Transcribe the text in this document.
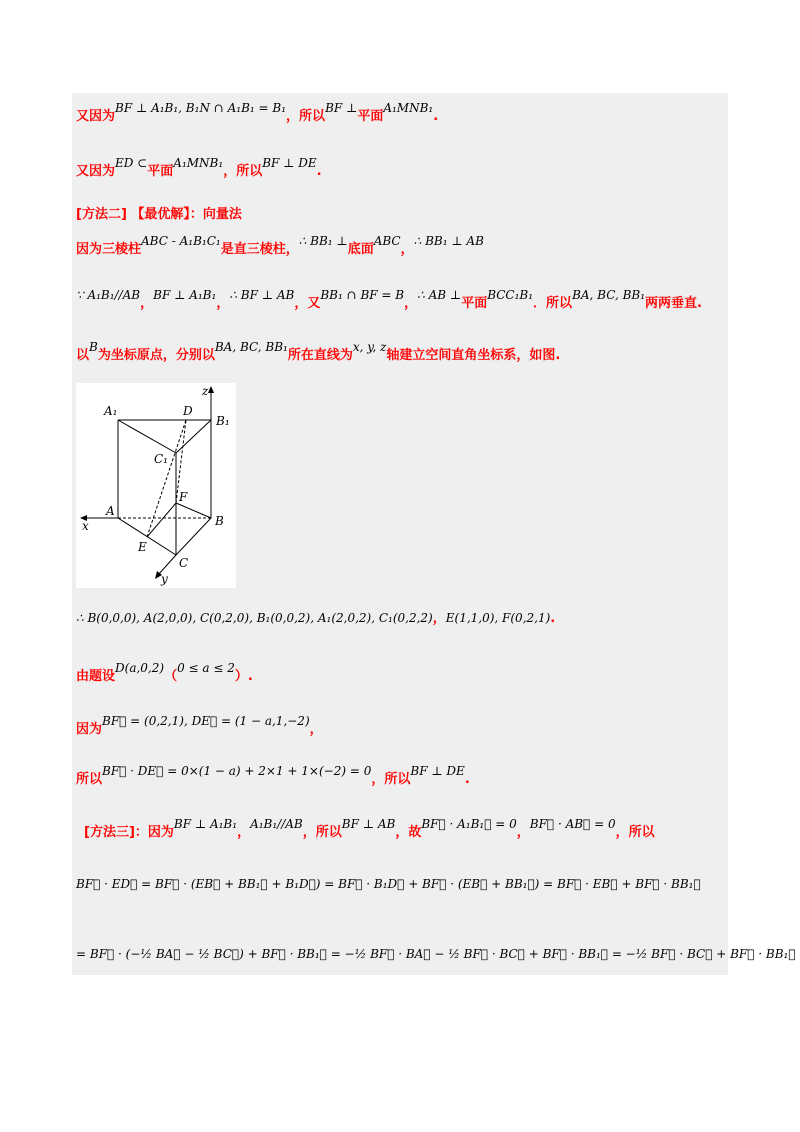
又因为BF ⊥ A₁B₁, B₁N ∩ A₁B₁ = B₁，所以BF ⊥平面A₁MNB₁.
又因为ED ⊂平面A₁MNB₁，所以BF ⊥ DE.
[方法二] 【最优解】：向量法
因为三棱柱ABC - A₁B₁C₁是直三棱柱，∴ BB₁ ⊥底面ABC，∴ BB₁ ⊥ AB
∵ A₁B₁//AB，BF ⊥ A₁B₁，∴ BF ⊥ AB，又BB₁ ∩ BF = B，∴ AB ⊥平面BCC₁B₁．所以BA, BC, BB₁两两垂直.
以B为坐标原点，分别以BA, BC, BB₁所在直线为x, y, z轴建立空间直角坐标系，如图.
A₁	D
B₁
C₁
F
A
B
E
C
x
y
z
∴ B(0,0,0), A(2,0,0), C(0,2,0), B₁(0,0,2), A₁(2,0,2), C₁(0,2,2)，E(1,1,0), F(0,2,1).
由题设D(a,0,2)（0 ≤ a ≤ 2）.
因为BF⃗ = (0,2,1), DE⃗ = (1 − a,1,−2)，
所以BF⃗ · DE⃗ = 0×(1 − a) + 2×1 + 1×(−2) = 0，所以BF ⊥ DE.
[方法三]：因为BF ⊥ A₁B₁，A₁B₁//AB，所以BF ⊥ AB，故BF⃗ · A₁B₁⃗ = 0，BF⃗ · AB⃗ = 0，所以
BF⃗ · ED⃗ = BF⃗ · (EB⃗ + BB₁⃗ + B₁D⃗) = BF⃗ · B₁D⃗ + BF⃗ · (EB⃗ + BB₁⃗) = BF⃗ · EB⃗ + BF⃗ · BB₁⃗
= BF⃗ · (−½ BA⃗ − ½ BC⃗) + BF⃗ · BB₁⃗ = −½ BF⃗ · BA⃗ − ½ BF⃗ · BC⃗ + BF⃗ · BB₁⃗ = −½ BF⃗ · BC⃗ + BF⃗ · BB₁⃗
